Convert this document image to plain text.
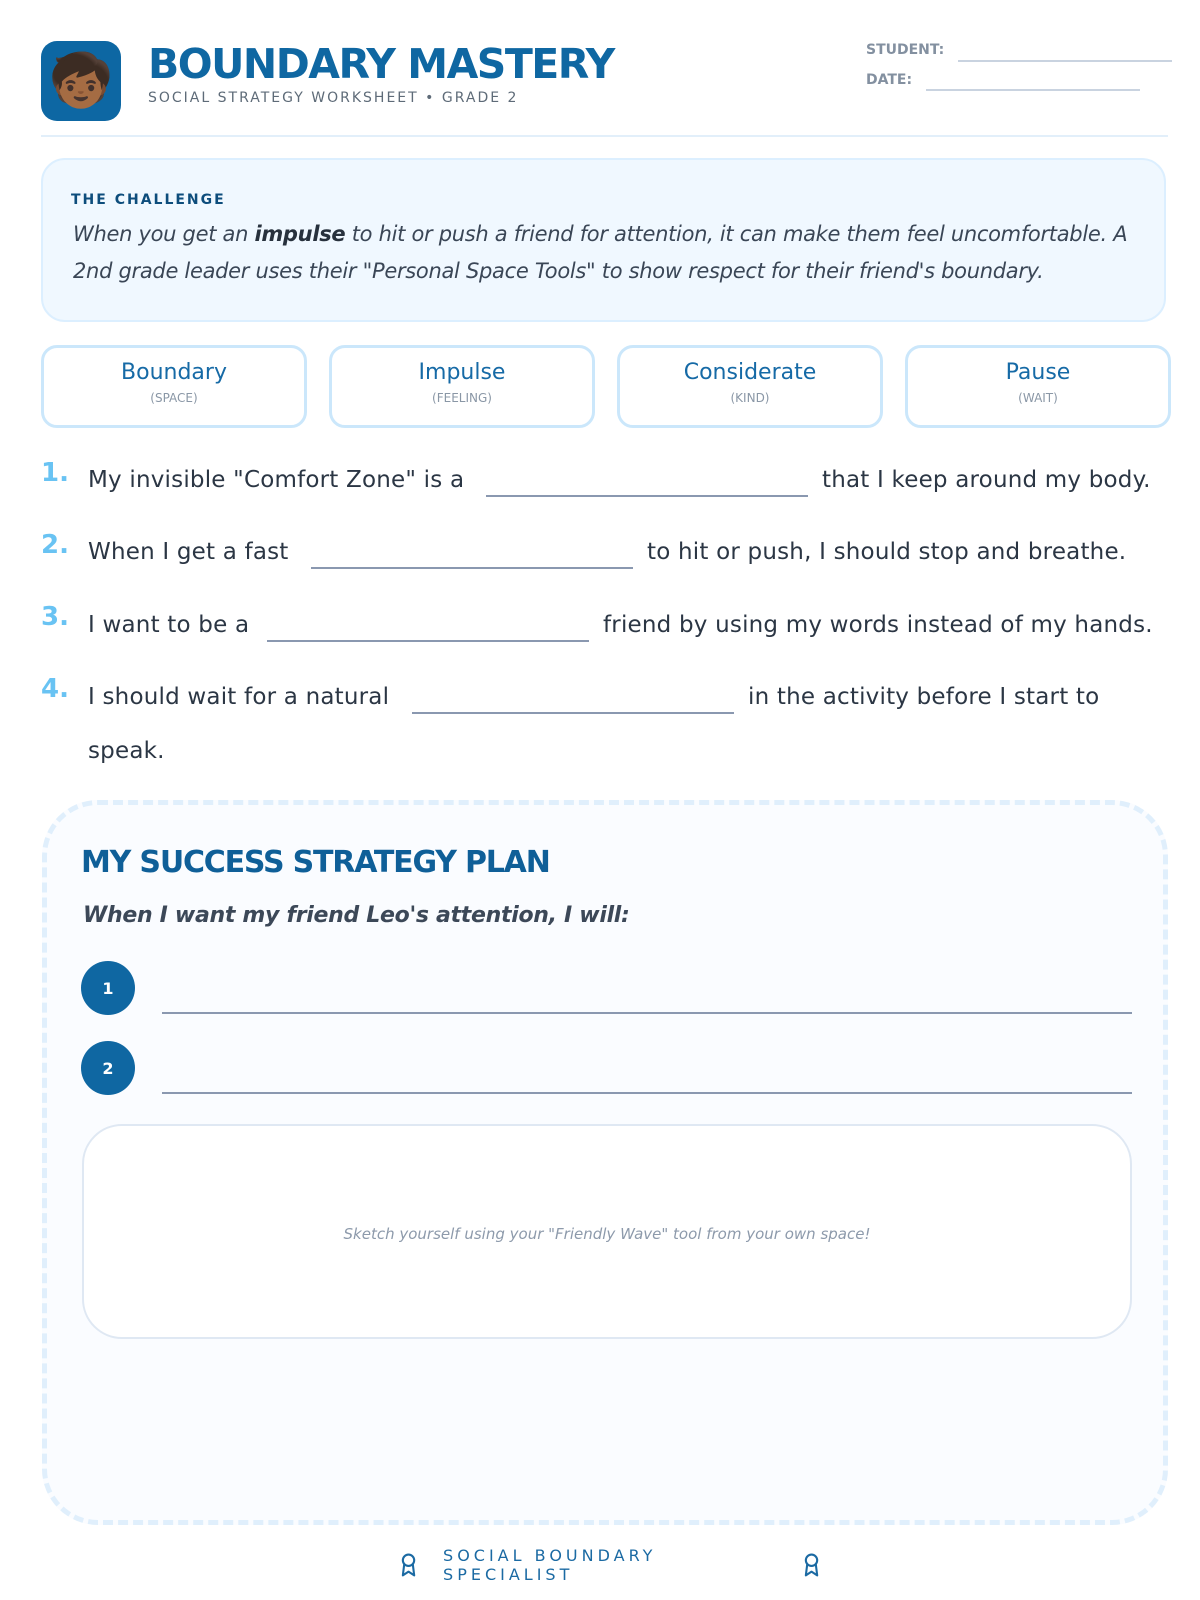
🧒🏾 BOUNDARY MASTERY
SOCIAL STRATEGY WORKSHEET • GRADE 2
STUDENT:
DATE:
THE CHALLENGE
When you get an impulse to hit or push a friend for attention, it can make them feel uncomfortable. A 2nd grade leader uses their "Personal Space Tools" to show respect for their friend's boundary.
Boundary
(SPACE)
Impulse
(FEELING)
Considerate
(KIND)
Pause
(WAIT)
1. My invisible "Comfort Zone" is a	that I keep around my body.
2. When I get a fast	to hit or push, I should stop and breathe.
3. I want to be a	friend by using my words instead of my hands.
4. I should wait for a natural	in the activity before I start to
speak.
MY SUCCESS STRATEGY PLAN
When I want my friend Leo's attention, I will:
1
2
Sketch yourself using your "Friendly Wave" tool from your own space!
SOCIAL BOUNDARY SPECIALIST
